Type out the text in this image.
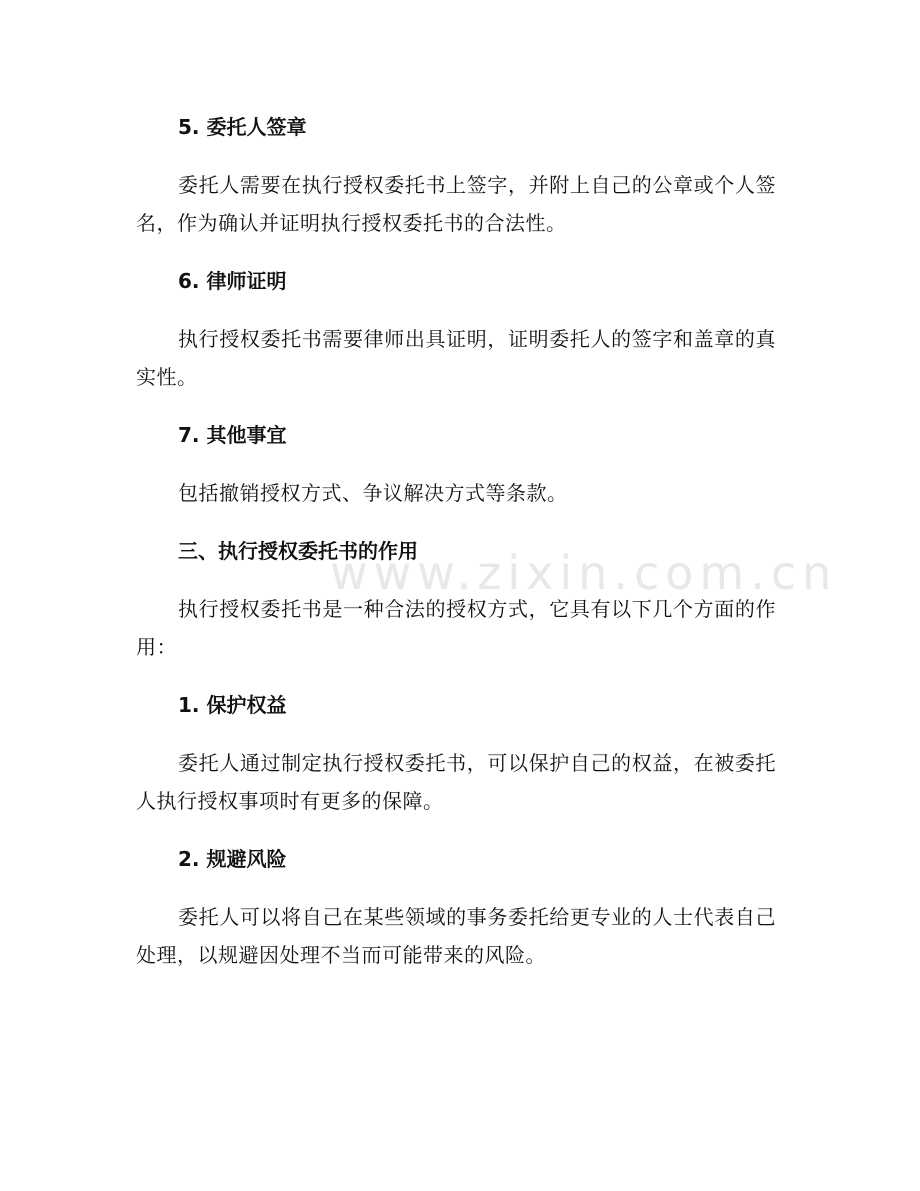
www.zixin.com.cn
5. 委托人签章
委托人需要在执行授权委托书上签字，并附上自己的公章或个人签名，作为确认并证明执行授权委托书的合法性。
6. 律师证明
执行授权委托书需要律师出具证明，证明委托人的签字和盖章的真实性。
7. 其他事宜
包括撤销授权方式、争议解决方式等条款。
三、执行授权委托书的作用
执行授权委托书是一种合法的授权方式，它具有以下几个方面的作用：
1. 保护权益
委托人通过制定执行授权委托书，可以保护自己的权益，在被委托人执行授权事项时有更多的保障。
2. 规避风险
委托人可以将自己在某些领域的事务委托给更专业的人士代表自己处理，以规避因处理不当而可能带来的风险。
